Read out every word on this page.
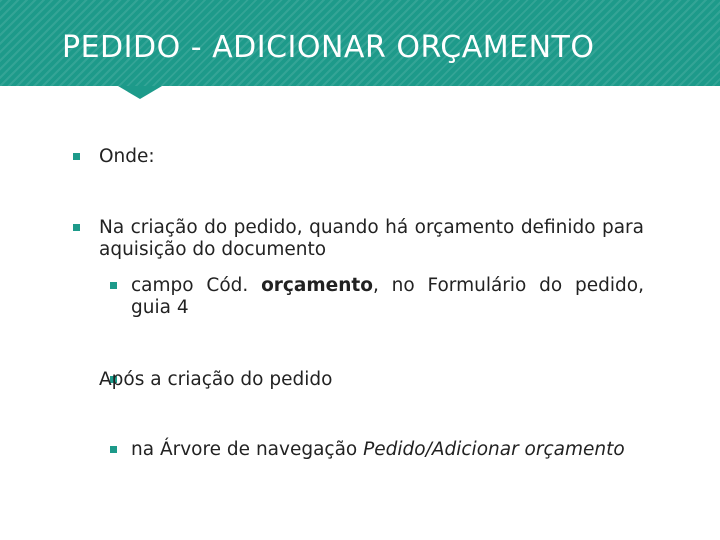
PEDIDO - ADICIONAR ORÇAMENTO
Onde:
Na criação do pedido, quando há orçamento definido para aquisição do documento
campo Cód. orçamento, no Formulário do pedido, guia 4
Após a criação do pedido
na Árvore de navegação Pedido/Adicionar orçamento
